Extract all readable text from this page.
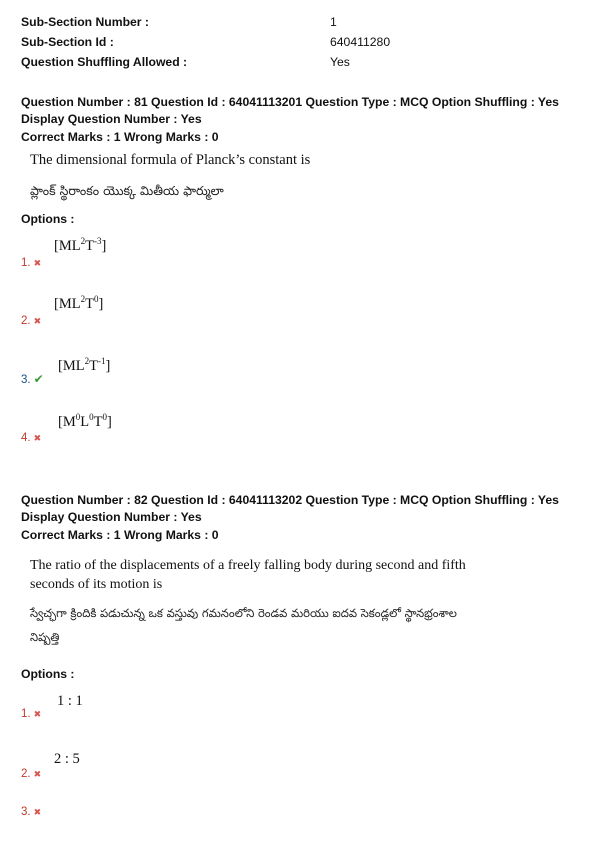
Sub-Section Number :	1
Sub-Section Id :	640411280
Question Shuffling Allowed :	Yes
Question Number : 81 Question Id : 64041113201 Question Type : MCQ Option Shuffling : Yes
Display Question Number : Yes
Correct Marks : 1 Wrong Marks : 0
The dimensional formula of Planck’s constant is
ప్లాంక్ స్థిరాంకం యొక్క మితీయ ఫార్ములా
Options :
$[ML^2T^{-3}]$
1. ✖
$[ML^2T^0]$
2. ✖
$[ML^2T^{-1}]$
3. ✔
$[M^0L^0T^0]$
4. ✖
Question Number : 82 Question Id : 64041113202 Question Type : MCQ Option Shuffling : Yes
Display Question Number : Yes
Correct Marks : 1 Wrong Marks : 0
The ratio of the displacements of a freely falling body during second and fifth
seconds of its motion is
స్వేచ్ఛగా క్రిందికి పడుచున్న ఒక వస్తువు గమనంలోని రెండవ మరియు ఐదవ సెకండ్లలో స్థానభ్రంశాల
నిష్పత్తి
Options :
1 : 1
1. ✖
2 : 5
2. ✖
3. ✖
